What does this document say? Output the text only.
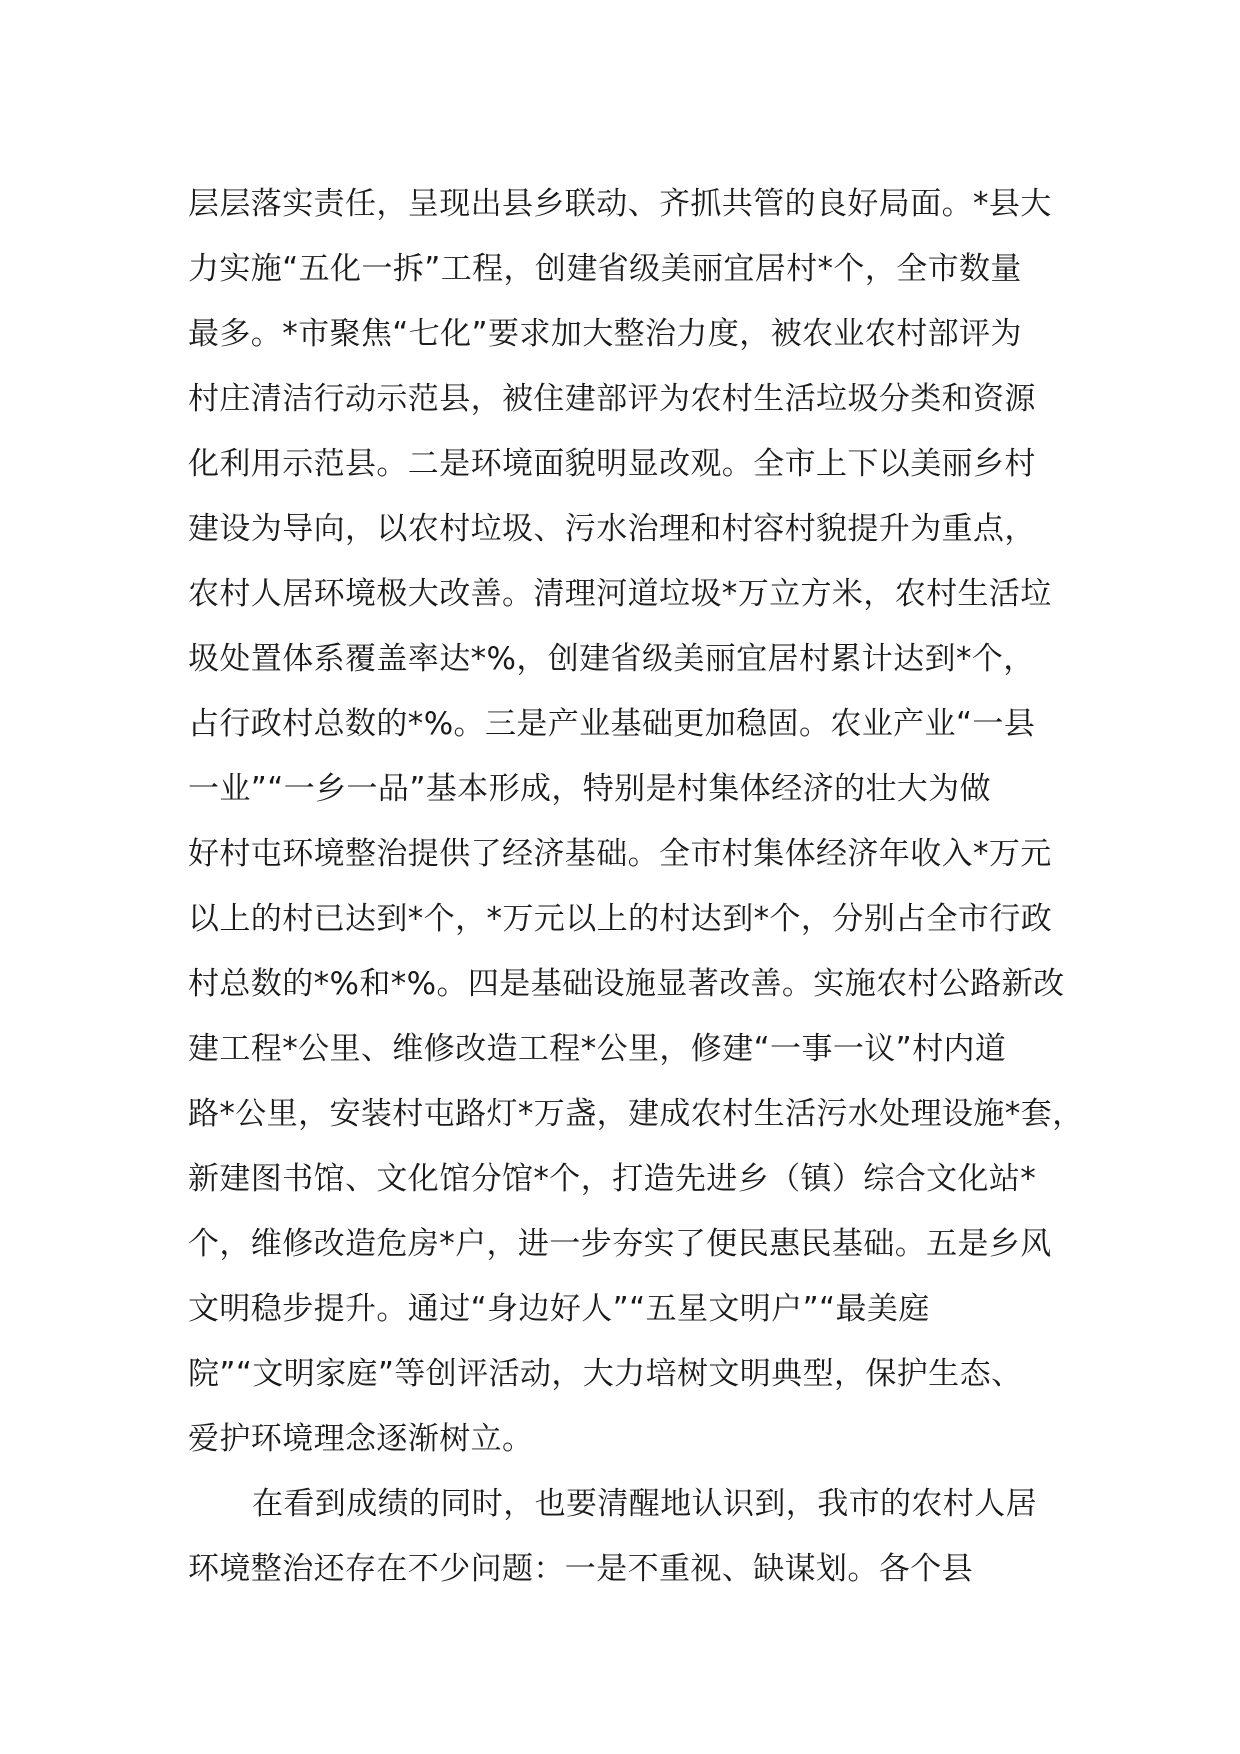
层层落实责任，呈现出县乡联动、齐抓共管的良好局面。*县大
力实施“五化一拆”工程，创建省级美丽宜居村*个，全市数量
最多。*市聚焦“七化”要求加大整治力度，被农业农村部评为
村庄清洁行动示范县，被住建部评为农村生活垃圾分类和资源
化利用示范县。二是环境面貌明显改观。全市上下以美丽乡村
建设为导向，以农村垃圾、污水治理和村容村貌提升为重点，
农村人居环境极大改善。清理河道垃圾*万立方米，农村生活垃
圾处置体系覆盖率达*%，创建省级美丽宜居村累计达到*个，
占行政村总数的*%。三是产业基础更加稳固。农业产业“一县
一业”“一乡一品”基本形成，特别是村集体经济的壮大为做
好村屯环境整治提供了经济基础。全市村集体经济年收入*万元
以上的村已达到*个，*万元以上的村达到*个，分别占全市行政
村总数的*%和*%。四是基础设施显著改善。实施农村公路新改
建工程*公里、维修改造工程*公里，修建“一事一议”村内道
路*公里，安装村屯路灯*万盏，建成农村生活污水处理设施*套，
新建图书馆、文化馆分馆*个，打造先进乡（镇）综合文化站*
个，维修改造危房*户，进一步夯实了便民惠民基础。五是乡风
文明稳步提升。通过“身边好人”“五星文明户”“最美庭
院”“文明家庭”等创评活动，大力培树文明典型，保护生态、
爱护环境理念逐渐树立。
在看到成绩的同时，也要清醒地认识到，我市的农村人居
环境整治还存在不少问题：一是不重视、缺谋划。各个县
